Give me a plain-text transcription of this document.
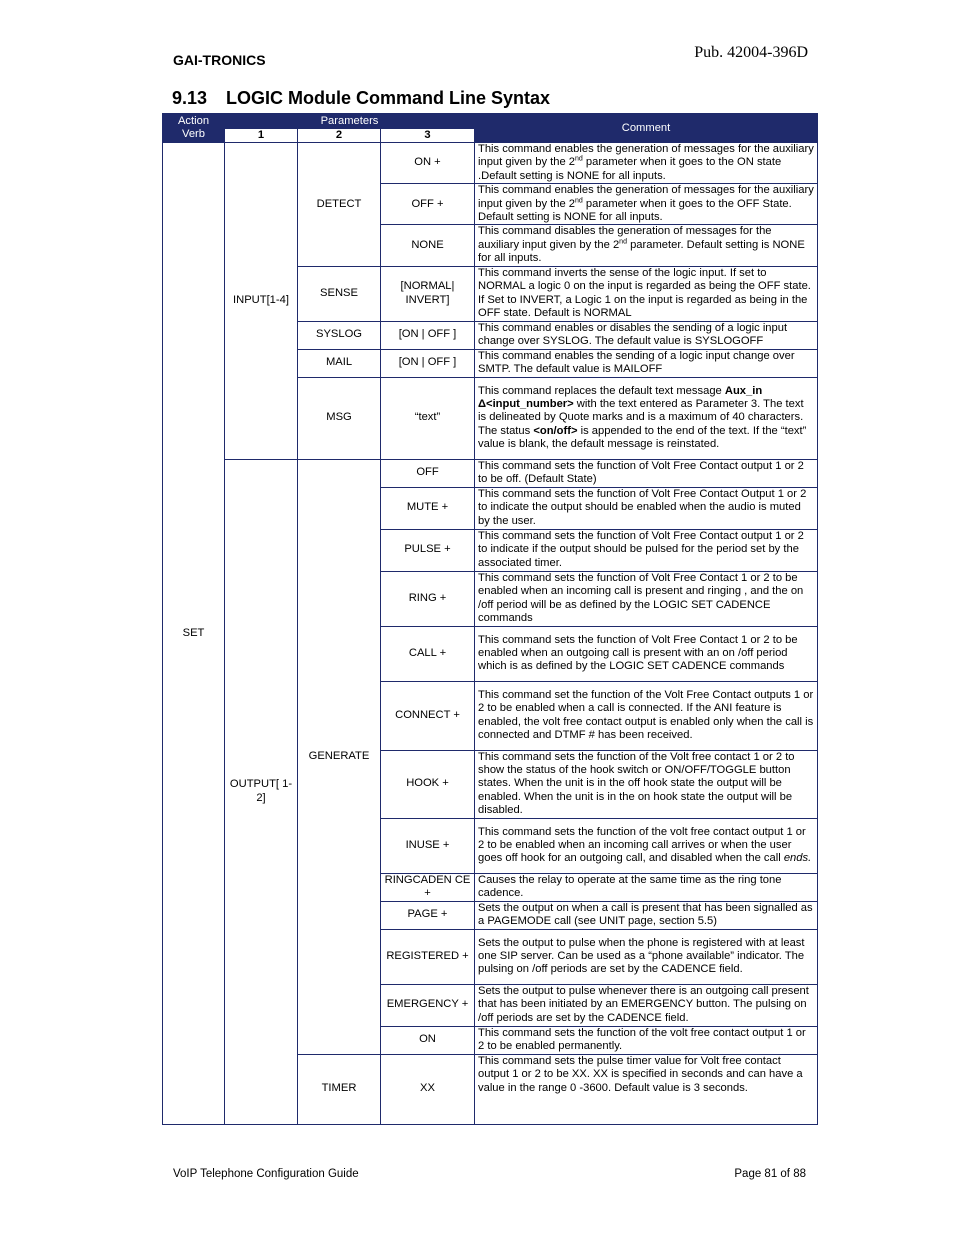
GAI-TRONICS	Pub. 42004-396D
9.13 LOGIC Module Command Line Syntax
Action Verb	Parameters			Comment
	1	2	3	
SET	INPUT[1-4]	DETECT	ON +	This command enables the generation of messages for the auxiliary input given by the 2nd parameter when it goes to the ON state .Default setting is NONE for all inputs.
			OFF +	This command enables the generation of messages for the auxiliary input given by the 2nd parameter when it goes to the OFF State. Default setting is NONE for all inputs.
			NONE	This command disables the generation of messages for the auxiliary input given by the 2nd parameter. Default setting is NONE for all inputs.
		SENSE	[NORMAL| INVERT]	This command inverts the sense of the logic input. If set to NORMAL a logic 0 on the input is regarded as being the OFF state. If Set to INVERT, a Logic 1 on the input is regarded as being in the OFF state. Default is NORMAL
		SYSLOG	[ON | OFF ]	This command enables or disables the sending of a logic input change over SYSLOG. The default value is SYSLOGOFF
		MAIL	[ON | OFF ]	This command enables the sending of a logic input change over SMTP. The default value is MAILOFF
		MSG	“text”	This command replaces the default text message Aux_in Δ<input_number> with the text entered as Parameter 3. The text is delineated by Quote marks and is a maximum of 40 characters. The status <on/off> is appended to the end of the text. If the “text” value is blank, the default message is reinstated.
	OUTPUT[ 1-2]	GENERATE	OFF	This command sets the function of Volt Free Contact output 1 or 2 to be off. (Default State)
			MUTE +	This command sets the function of Volt Free Contact Output 1 or 2 to indicate the output should be enabled when the audio is muted by the user.
			PULSE +	This command sets the function of Volt Free Contact output 1 or 2 to indicate if the output should be pulsed for the period set by the associated timer.
			RING +	This command sets the function of Volt Free Contact 1 or 2 to be enabled when an incoming call is present and ringing , and the on /off period will be as defined by the LOGIC SET CADENCE commands
			CALL +	This command sets the function of Volt Free Contact 1 or 2 to be enabled when an outgoing call is present with an on /off period which is as defined by the LOGIC SET CADENCE commands
			CONNECT +	This command set the function of the Volt Free Contact outputs 1 or 2 to be enabled when a call is connected. If the ANI feature is enabled, the volt free contact output is enabled only when the call is connected and DTMF # has been received.
			HOOK +	This command sets the function of the Volt free contact 1 or 2 to show the status of the hook switch or ON/OFF/TOGGLE button states. When the unit is in the off hook state the output will be enabled. When the unit is in the on hook state the output will be disabled.
			INUSE +	This command sets the function of the volt free contact output 1 or 2 to be enabled when an incoming call arrives or when the user goes off hook for an outgoing call, and disabled when the call ends.
			RINGCADEN CE +	Causes the relay to operate at the same time as the ring tone cadence.
			PAGE +	Sets the output on when a call is present that has been signalled as a PAGEMODE call (see UNIT page, section 5.5)
			REGISTERED +	Sets the output to pulse when the phone is registered with at least one SIP server. Can be used as a “phone available” indicator. The pulsing on /off periods are set by the CADENCE field.
			EMERGENCY +	Sets the output to pulse whenever there is an outgoing call present that has been initiated by an EMERGENCY button. The pulsing on /off periods are set by the CADENCE field.
			ON	This command sets the function of the volt free contact output 1 or 2 to be enabled permanently.
		TIMER	XX	This command sets the pulse timer value for Volt free contact output 1 or 2 to be XX. XX is specified in seconds and can have a value in the range 0 -3600. Default value is 3 seconds.
VoIP Telephone Configuration Guide	Page 81 of 88
